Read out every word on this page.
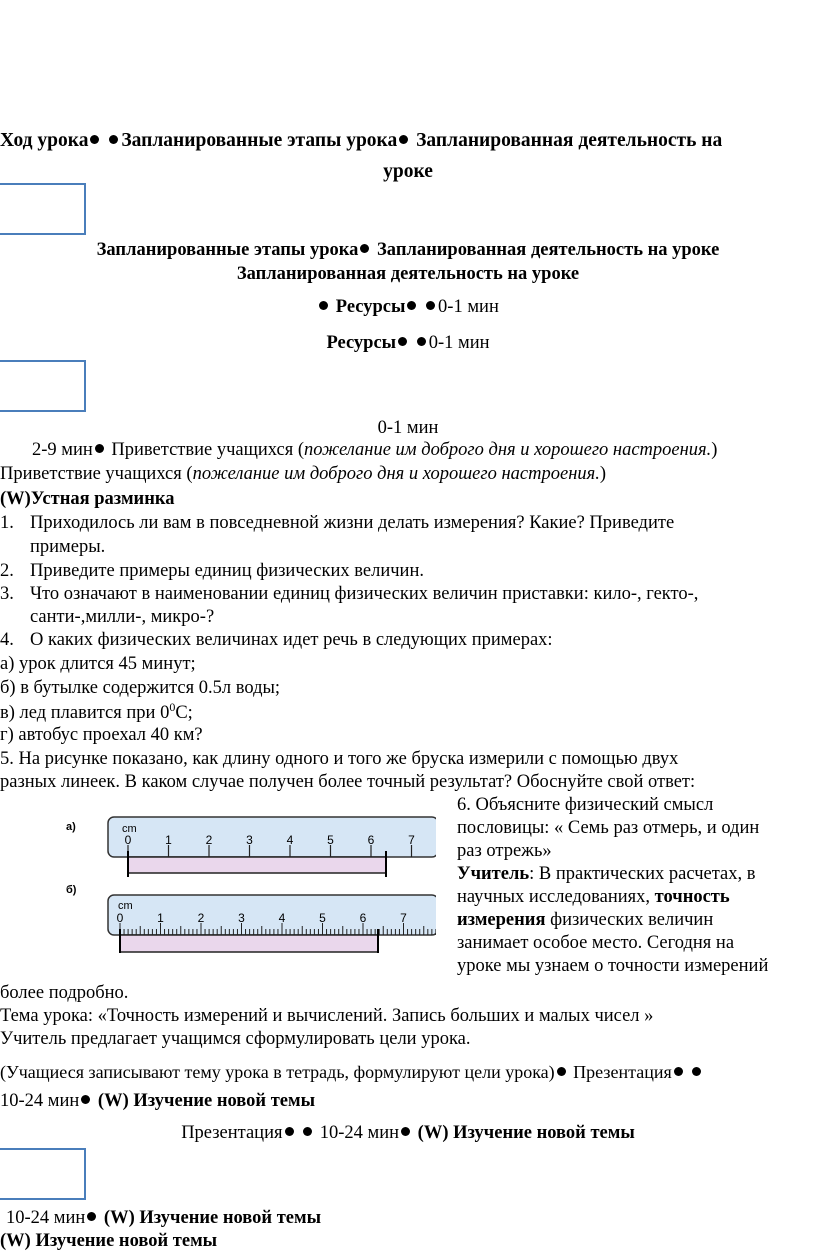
Ход урока Запланированные этапы урока Запланированная деятельность на
уроке
Запланированные этапы урока Запланированная деятельность на уроке
Запланированная деятельность на уроке
Ресурсы 0-1 мин
Ресурсы 0-1 мин
0-1 мин
2-9 мин Приветствие учащихся (пожелание им доброго дня и хорошего настроения.)
Приветствие учащихся (пожелание им доброго дня и хорошего настроения.)
(W)Устная разминка
1. Приходилось ли вам в повседневной жизни делать измерения? Какие? Приведите
примеры.
2. Приведите примеры единиц физических величин.
3. Что означают в наименовании единиц физических величин приставки: кило-, гекто-,
санти-,милли-, микро-?
4. О каких физических величинах идет речь в следующих примерах:
а) урок длится 45 минут;
б) в бутылке содержится 0.5л воды;
в) лед плавится при $0^0С$;
г) автобус проехал 40 км?
5. На рисунке показано, как длину одного и того же бруска измерили с помощью двух
разных линеек. В каком случае получен более точный результат? Обоснуйте свой ответ:
а)
б)
cm
0	1	2	3	4	5	6	7
cm
0	1	2	3	4	5	6	7
6. Объясните физический смысл
пословицы: « Семь раз отмерь, и один
раз отрежь»
Учитель: В практических расчетах, в
научных исследованиях, точность
измерения физических величин
занимает особое место. Сегодня на
уроке мы узнаем о точности измерений
более подробно.
Тема урока: «Точность измерений и вычислений. Запись больших и малых чисел »
Учитель предлагает учащимся сформулировать цели урока.
(Учащиеся записывают тему урока в тетрадь, формулируют цели урока) Презентация
10-24 мин (W) Изучение новой темы
Презентация 10-24 мин (W) Изучение новой темы
10-24 мин (W) Изучение новой темы
(W) Изучение новой темы
